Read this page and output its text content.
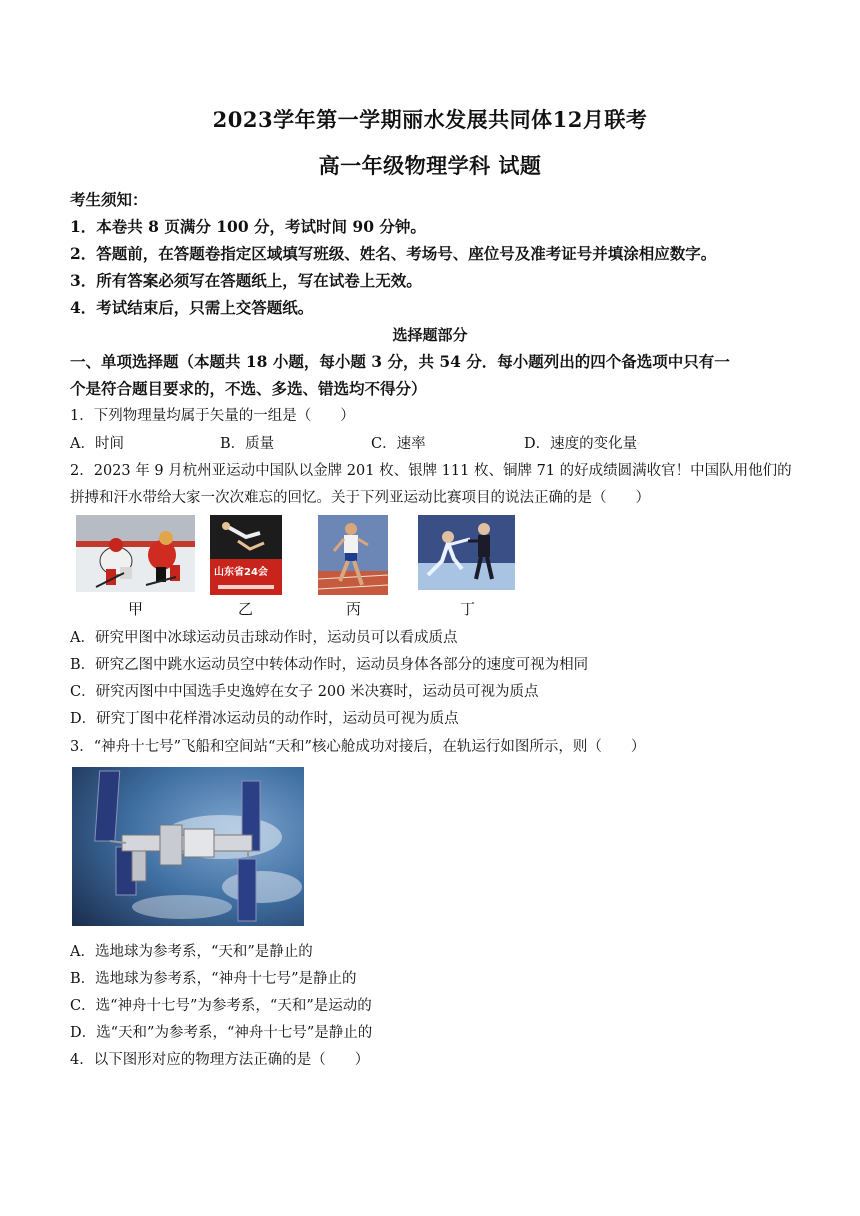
2023学年第一学期丽水发展共同体12月联考
高一年级物理学科 试题
考生须知：
1．本卷共 8 页满分 100 分，考试时间 90 分钟。
2．答题前，在答题卷指定区域填写班级、姓名、考场号、座位号及准考证号并填涂相应数字。
3．所有答案必须写在答题纸上，写在试卷上无效。
4．考试结束后，只需上交答题纸。
选择题部分
一、单项选择题（本题共 18 小题，每小题 3 分，共 54 分．每小题列出的四个备选项中只有一
个是符合题目要求的，不选、多选、错选均不得分）
1．下列物理量均属于矢量的一组是（　　）
A．时间	B．质量	C．速率	D．速度的变化量
2．2023 年 9 月杭州亚运动中国队以金牌 201 枚、银牌 111 枚、铜牌 71 的好成绩圆满收官！中国队用他们的
拼搏和汗水带给大家一次次难忘的回忆。关于下列亚运动比赛项目的说法正确的是（　　）
山东省24会
甲	乙	丙	丁
A．研究甲图中冰球运动员击球动作时，运动员可以看成质点
B．研究乙图中跳水运动员空中转体动作时，运动员身体各部分的速度可视为相同
C．研究丙图中中国选手史逸婷在女子 200 米决赛时，运动员可视为质点
D．研究丁图中花样滑冰运动员的动作时，运动员可视为质点
3．“神舟十七号”飞船和空间站“天和”核心舱成功对接后，在轨运行如图所示，则（　　）
A．选地球为参考系，“天和”是静止的
B．选地球为参考系，“神舟十七号”是静止的
C．选“神舟十七号”为参考系，“天和”是运动的
D．选“天和”为参考系，“神舟十七号”是静止的
4．以下图形对应的物理方法正确的是（　　）
